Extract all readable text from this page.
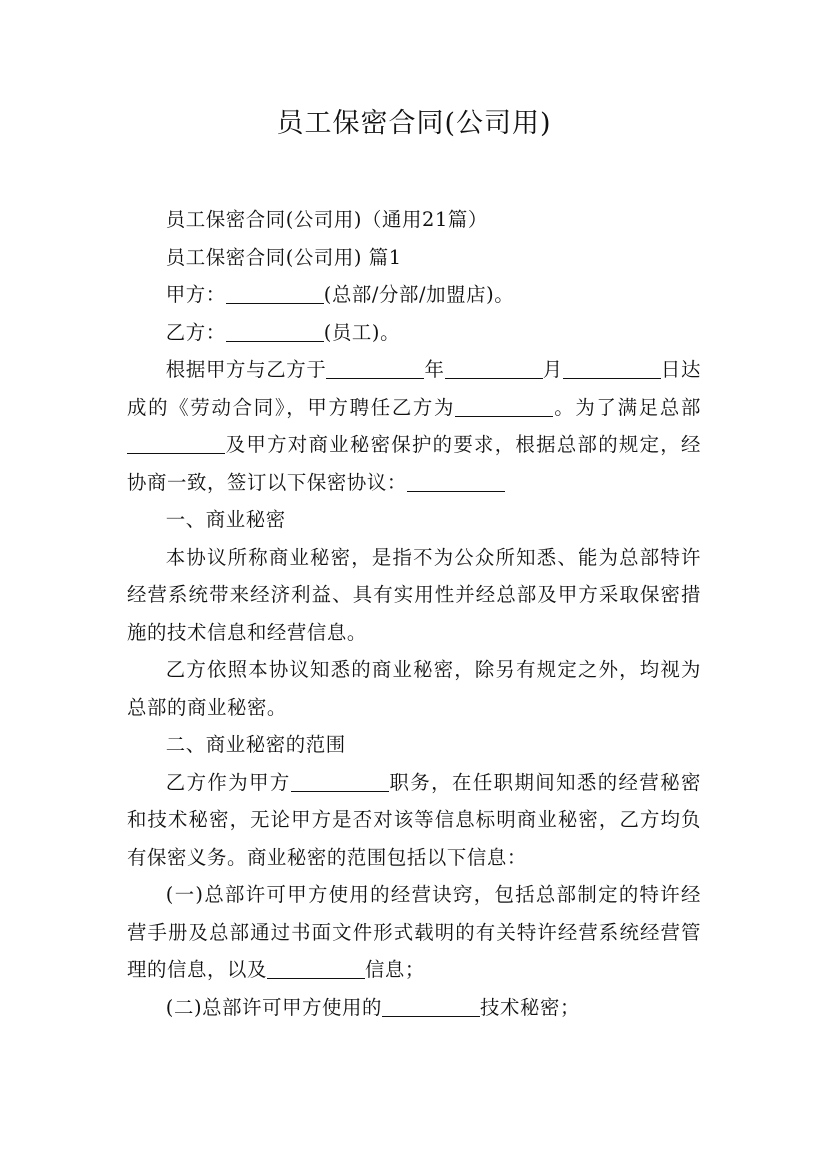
员工保密合同(公司用)

员工保密合同(公司用)（通用21篇）

员工保密合同(公司用) 篇1

甲方：	(总部/分部/加盟店)。

乙方：	(员工)。

根据甲方与乙方于	年	月	日达成的《劳动合同》，甲方聘任乙方为	。为了满足总部及甲方对商业秘密保护的要求，根据总部的规定，经协商一致，签订以下保密协议：

一、商业秘密

本协议所称商业秘密，是指不为公众所知悉、能为总部特许经营系统带来经济利益、具有实用性并经总部及甲方采取保密措施的技术信息和经营信息。

乙方依照本协议知悉的商业秘密，除另有规定之外，均视为总部的商业秘密。

二、商业秘密的范围

乙方作为甲方	职务，在任职期间知悉的经营秘密和技术秘密，无论甲方是否对该等信息标明商业秘密，乙方均负有保密义务。商业秘密的范围包括以下信息：

(一)总部许可甲方使用的经营诀窍，包括总部制定的特许经营手册及总部通过书面文件形式载明的有关特许经营系统经营管理的信息，以及	信息；

(二)总部许可甲方使用的	技术秘密；
